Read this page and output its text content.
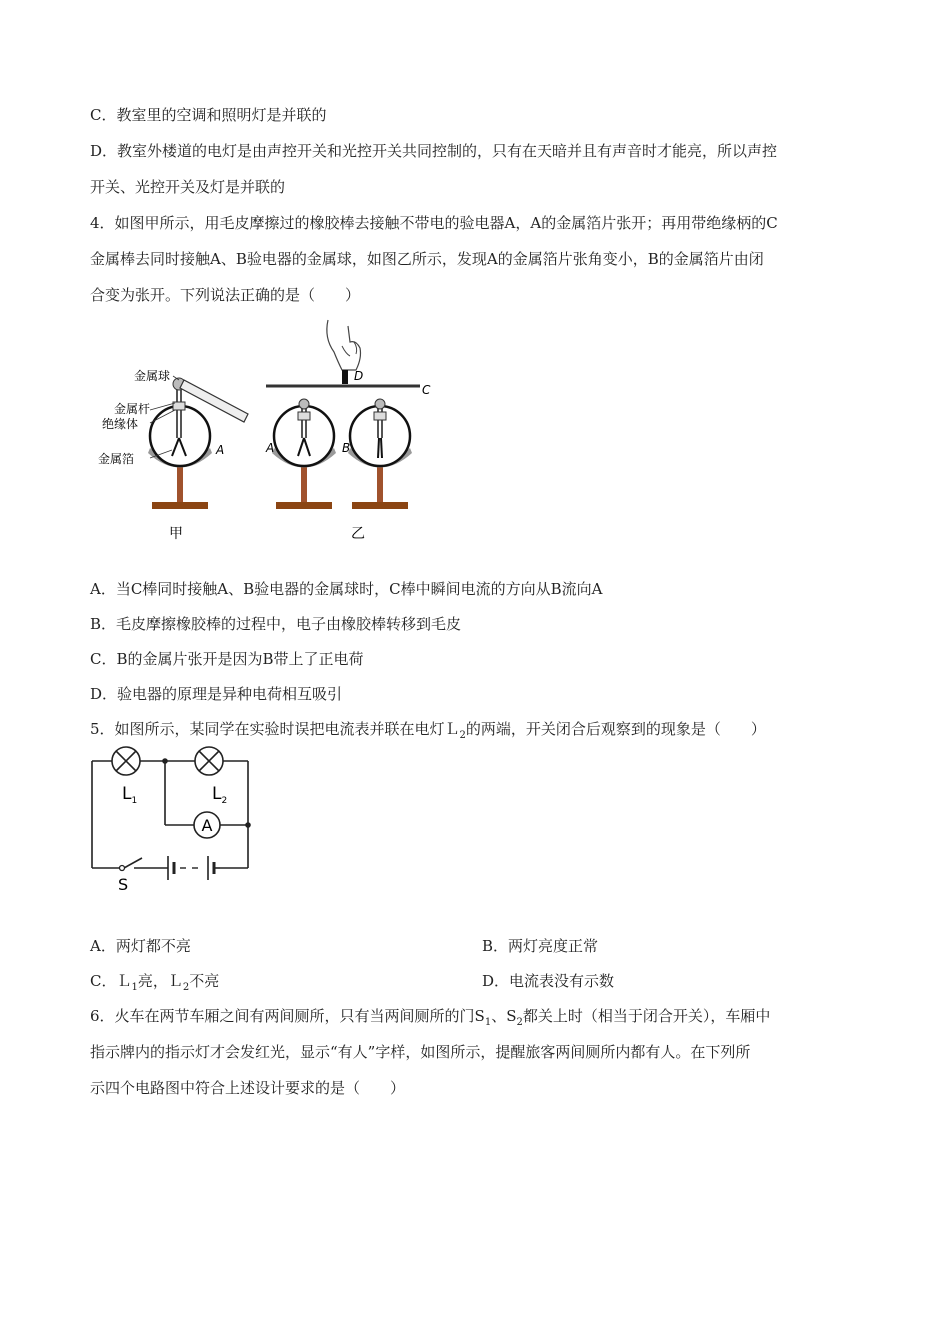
C．教室里的空调和照明灯是并联的
D．教室外楼道的电灯是由声控开关和光控开关共同控制的，只有在天暗并且有声音时才能亮，所以声控
开关、光控开关及灯是并联的
4．如图甲所示，用毛皮摩擦过的橡胶棒去接触不带电的验电器A，A的金属箔片张开；再用带绝缘柄的C
金属棒去同时接触A、B验电器的金属球，如图乙所示，发现A的金属箔片张角变小，B的金属箔片由闭
合变为张开。下列说法正确的是（　　）
金属球
金属杆
绝缘体
金属箔
A
甲
D
C
A	B
乙
A．当C棒同时接触A、B验电器的金属球时，C棒中瞬间电流的方向从B流向A
B．毛皮摩擦橡胶棒的过程中，电子由橡胶棒转移到毛皮
C．B的金属片张开是因为B带上了正电荷
D．验电器的原理是异种电荷相互吸引
5．如图所示，某同学在实验时误把电流表并联在电灯Ｌ$_2$的两端，开关闭合后观察到的现象是（　　）
A
$L_1$	$L_2$
S
A．两灯都不亮	B．两灯亮度正常
C．Ｌ$_1$亮，Ｌ$_2$不亮	D．电流表没有示数
6．火车在两节车厢之间有两间厕所，只有当两间厕所的门$S_1$、$S_2$都关上时（相当于闭合开关），车厢中
指示牌内的指示灯才会发红光，显示“有人”字样，如图所示，提醒旅客两间厕所内都有人。在下列所
示四个电路图中符合上述设计要求的是（　　）
